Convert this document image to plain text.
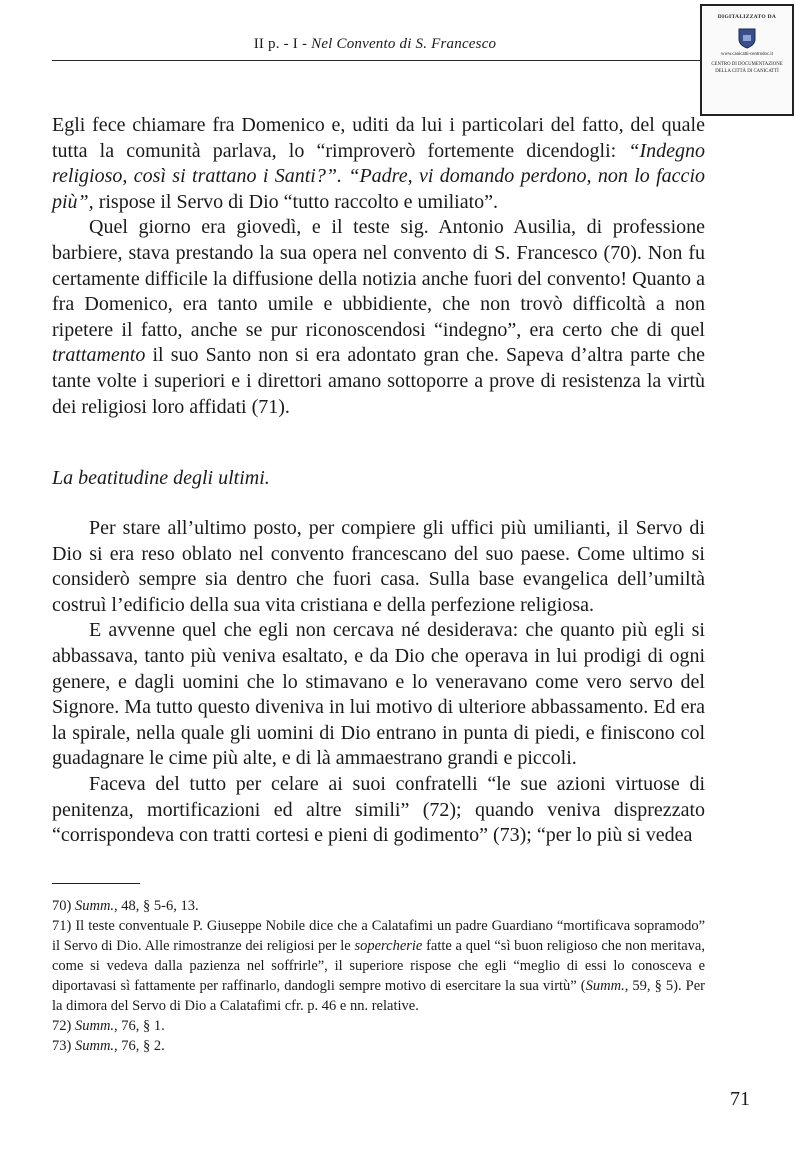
II p. - I - Nel Convento di S. Francesco
DIGITALIZZATO DA
www.canicatti-centrodoc.it
CENTRO DI DOCUMENTAZIONE
DELLA CITTÀ DI CANICATTÌ

Egli fece chiamare fra Domenico e, uditi da lui i particolari del fatto, del quale tutta la comunità parlava, lo “rimproverò fortemente dicendogli: “Indegno religioso, così si trattano i Santi?”. “Padre, vi domando perdono, non lo faccio più”, rispose il Servo di Dio “tutto raccolto e umiliato”.

Quel giorno era giovedì, e il teste sig. Antonio Ausilia, di professione barbiere, stava prestando la sua opera nel convento di S. Francesco (70). Non fu certamente difficile la diffusione della notizia anche fuori del convento! Quanto a fra Domenico, era tanto umile e ubbidiente, che non trovò difficoltà a non ripetere il fatto, anche se pur riconoscendosi “indegno”, era certo che di quel trattamento il suo Santo non si era adontato gran che. Sapeva d’altra parte che tante volte i superiori e i direttori amano sottoporre a prove di resistenza la virtù dei religiosi loro affidati (71).

La beatitudine degli ultimi.

Per stare all’ultimo posto, per compiere gli uffici più umilianti, il Servo di Dio si era reso oblato nel convento francescano del suo paese. Come ultimo si considerò sempre sia dentro che fuori casa. Sulla base evangelica dell’umiltà costruì l’edificio della sua vita cristiana e della perfezione religiosa.

E avvenne quel che egli non cercava né desiderava: che quanto più egli si abbassava, tanto più veniva esaltato, e da Dio che operava in lui prodigi di ogni genere, e dagli uomini che lo stimavano e lo veneravano come vero servo del Signore. Ma tutto questo diveniva in lui motivo di ulteriore abbassamento. Ed era la spirale, nella quale gli uomini di Dio entrano in punta di piedi, e finiscono col guadagnare le cime più alte, e di là ammaestrano grandi e piccoli.

Faceva del tutto per celare ai suoi confratelli “le sue azioni virtuose di penitenza, mortificazioni ed altre simili” (72); quando veniva disprezzato “corrispondeva con tratti cortesi e pieni di godimento” (73); “per lo più si vedea

70) Summ., 48, § 5-6, 13.

71) Il teste conventuale P. Giuseppe Nobile dice che a Calatafimi un padre Guardiano “mortificava sopramodo” il Servo di Dio. Alle rimostranze dei religiosi per le sopercherie fatte a quel “sì buon religioso che non meritava, come si vedeva dalla pazienza nel soffrirle”, il superiore rispose che egli “meglio di essi lo conosceva e diportavasi sì fattamente per raffinarlo, dandogli sempre motivo di esercitare la sua virtù” (Summ., 59, § 5). Per la dimora del Servo di Dio a Calatafimi cfr. p. 46 e nn. relative.

72) Summ., 76, § 1.

73) Summ., 76, § 2.

71
